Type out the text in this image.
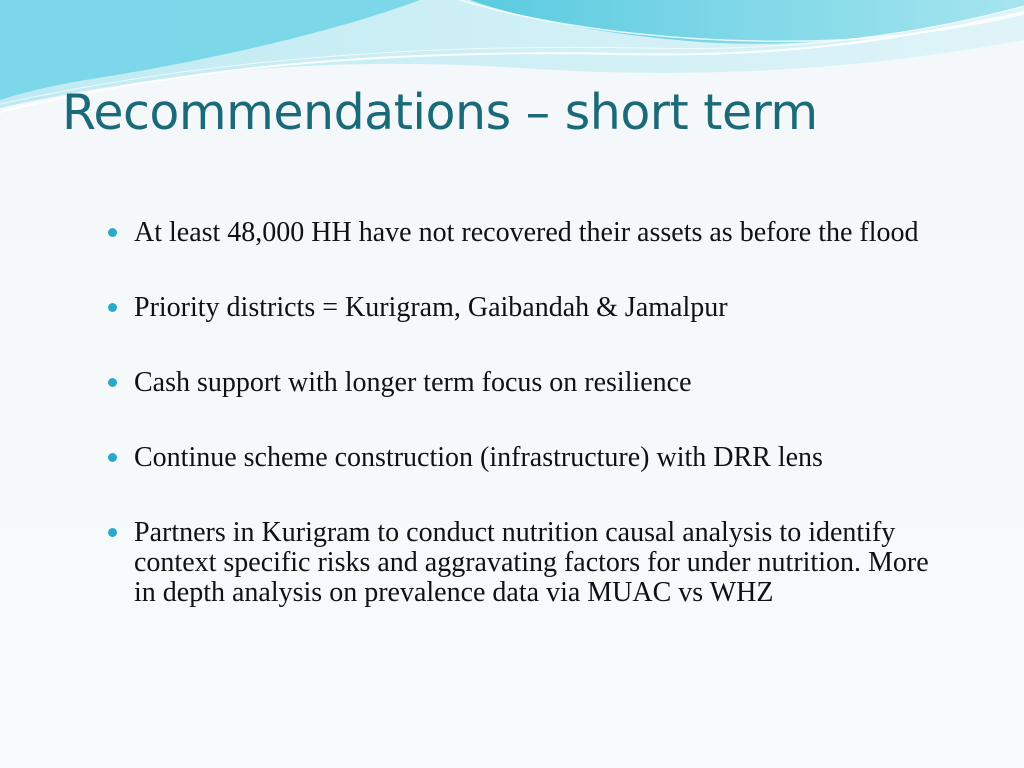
Recommendations – short term
At least 48,000 HH have not recovered their assets as before the flood
Priority districts = Kurigram, Gaibandah & Jamalpur
Cash support with longer term focus on resilience
Continue scheme construction (infrastructure) with DRR lens
Partners in Kurigram to conduct nutrition causal analysis to identify context specific risks and aggravating factors for under nutrition. More in depth analysis on prevalence data via MUAC vs WHZ
